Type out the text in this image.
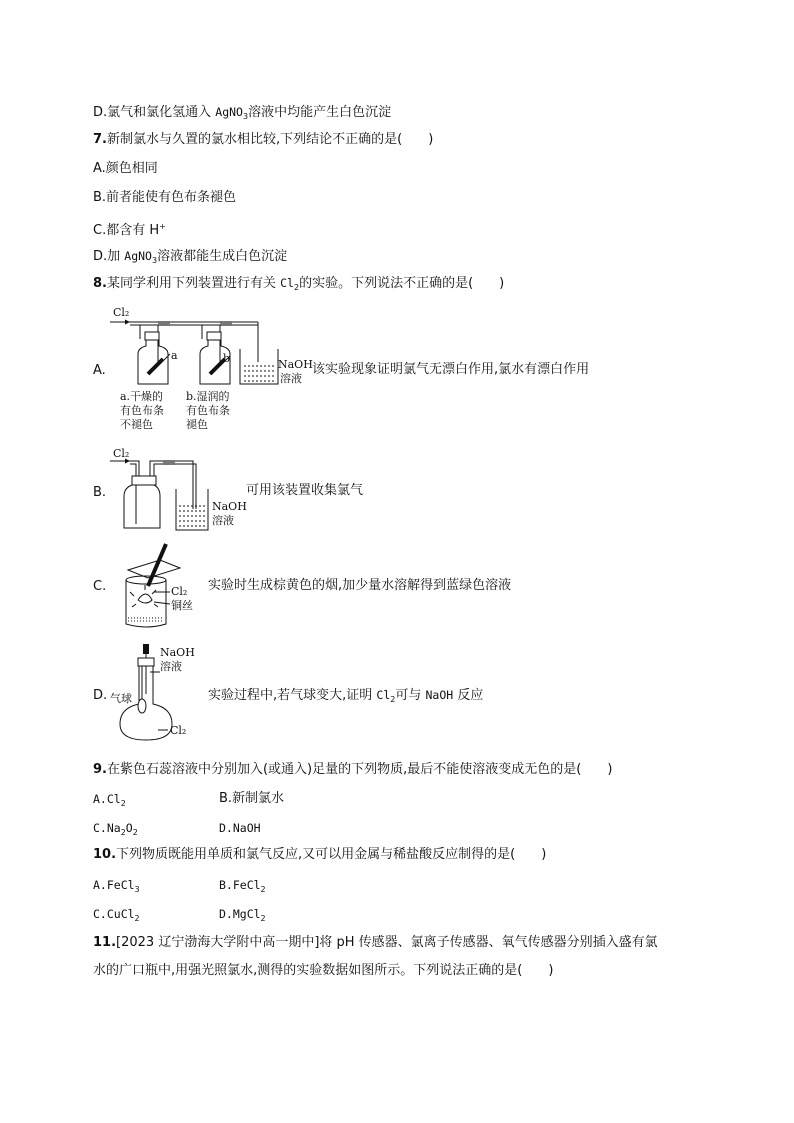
D.氯气和氯化氢通入 AgNO$_3$溶液中均能产生白色沉淀
7.新制氯水与久置的氯水相比较,下列结论不正确的是(　　)
A.颜色相同
B.前者能使有色布条褪色
C.都含有 H+
D.加 AgNO$_3$溶液都能生成白色沉淀
8.某同学利用下列装置进行有关 $Cl_2$的实验。下列说法不正确的是(　　)
A.
Cl₂
a	b	NaOH
溶液
a.干燥的
有色布条
不褪色
b.湿润的
有色布条
褪色
该实验现象证明氯气无漂白作用,氯水有漂白作用
B.
Cl₂
NaOH
溶液
可用该装置收集氯气
C.	Cl₂
铜丝
实验时生成棕黄色的烟,加少量水溶解得到蓝绿色溶液
D.
NaOH
溶液
Cl₂
气球	实验过程中,若气球变大,证明 $Cl_2$可与 NaOH 反应
9.在紫色石蕊溶液中分别加入(或通入)足量的下列物质,最后不能使溶液变成无色的是(　　)
$A.Cl_2$	B.新制氯水
$C.Na_2O_2$	D.NaOH
10.下列物质既能用单质和氯气反应,又可以用金属与稀盐酸反应制得的是(　　)
A.FeCl$_3$	B.FeCl$_2$
C.CuCl$_2$	D.MgCl$_2$
11.[2023 辽宁渤海大学附中高一期中]将 pH 传感器、氯离子传感器、氧气传感器分别插入盛有氯
水的广口瓶中,用强光照氯水,测得的实验数据如图所示。下列说法正确的是(　　)
